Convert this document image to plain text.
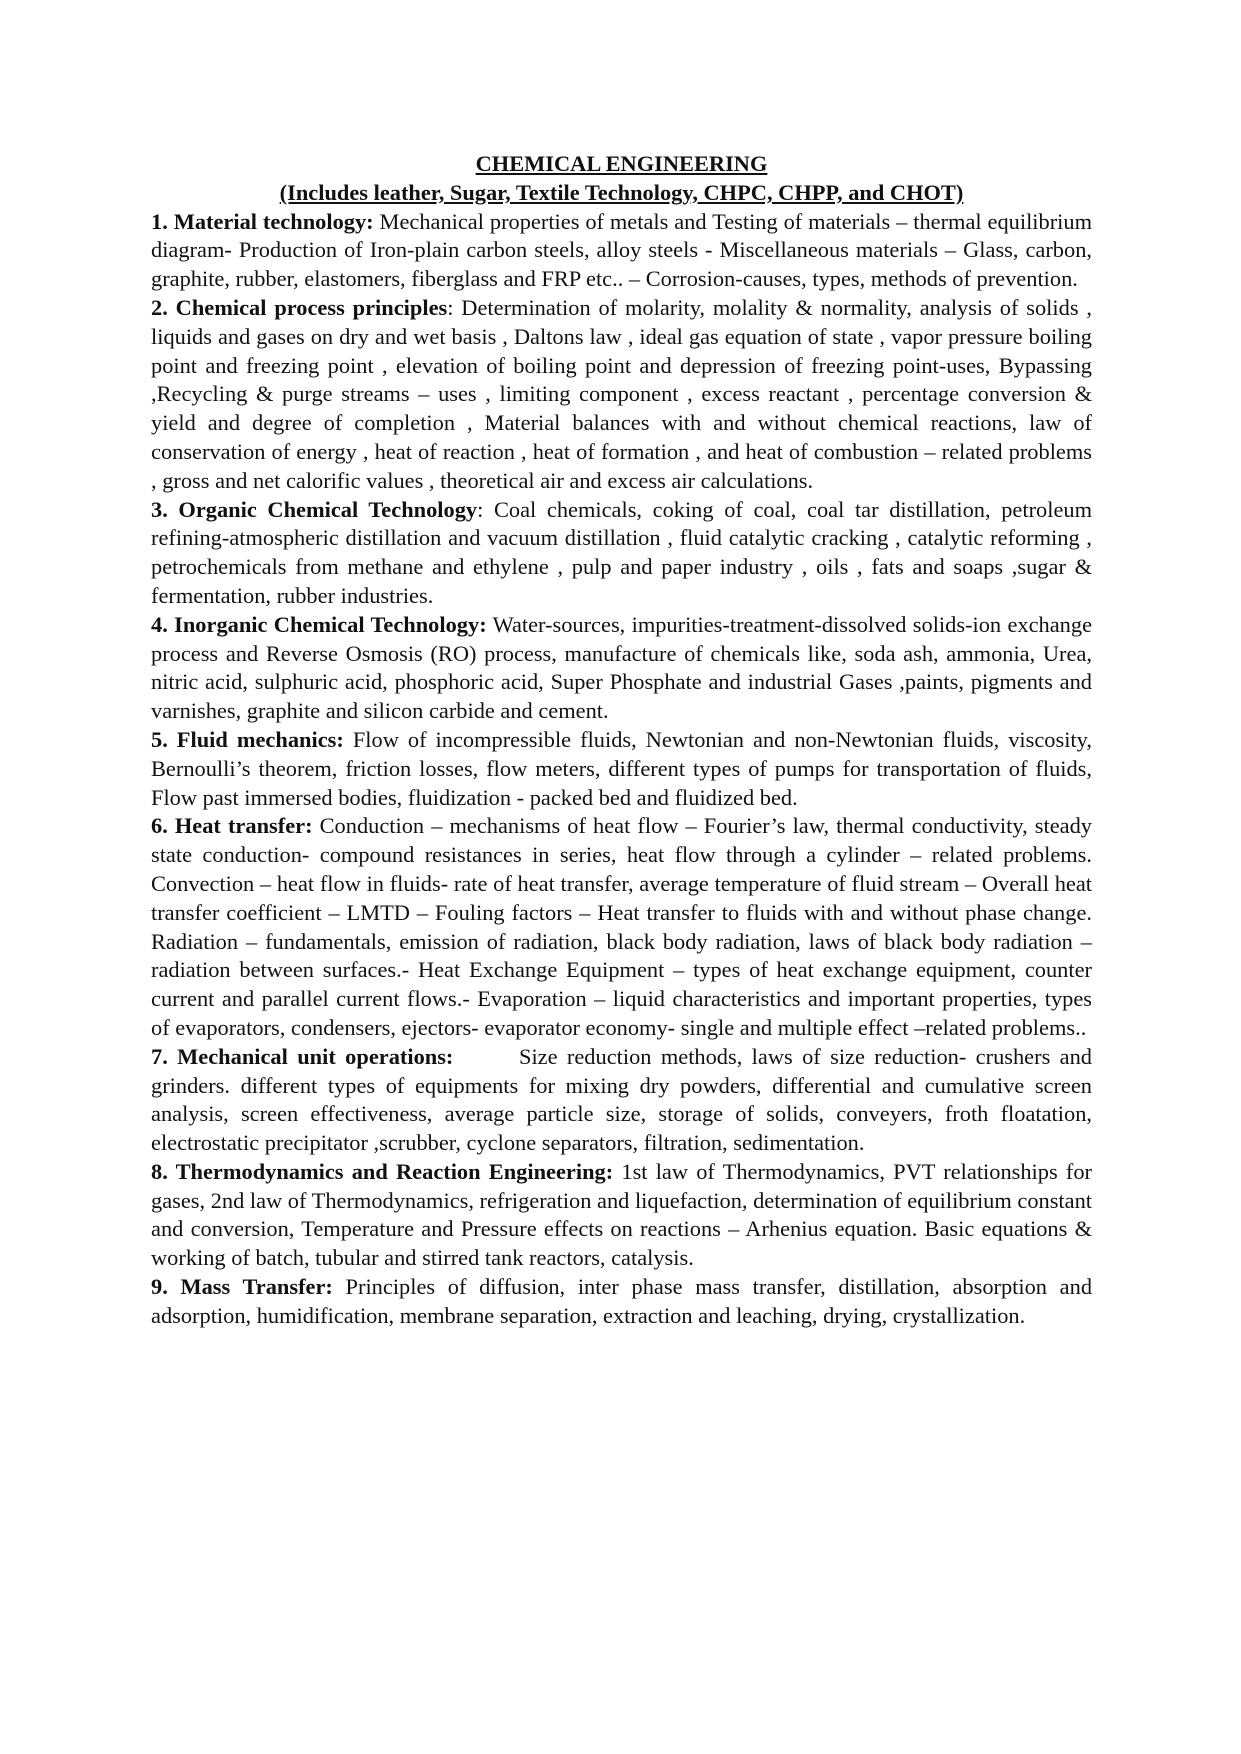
CHEMICAL ENGINEERING

(Includes leather, Sugar, Textile Technology, CHPC, CHPP, and CHOT)

1. Material technology: Mechanical properties of metals and Testing of materials – thermal equilibrium diagram- Production of Iron-plain carbon steels, alloy steels - Miscellaneous materials – Glass, carbon, graphite, rubber, elastomers, fiberglass and FRP etc.. – Corrosion-causes, types, methods of prevention.

2. Chemical process principles: Determination of molarity, molality & normality, analysis of solids , liquids and gases on dry and wet basis , Daltons law , ideal gas equation of state , vapor pressure boiling point and freezing point , elevation of boiling point and depression of freezing point-uses, Bypassing ,Recycling & purge streams – uses , limiting component , excess reactant , percentage conversion & yield and degree of completion , Material balances with and without chemical reactions, law of conservation of energy , heat of reaction , heat of formation , and heat of combustion – related problems , gross and net calorific values , theoretical air and excess air calculations.

3. Organic Chemical Technology: Coal chemicals, coking of coal, coal tar distillation, petroleum refining-atmospheric distillation and vacuum distillation , fluid catalytic cracking , catalytic reforming , petrochemicals from methane and ethylene , pulp and paper industry , oils , fats and soaps ,sugar & fermentation, rubber industries.

4. Inorganic Chemical Technology: Water-sources, impurities-treatment-dissolved solids-ion exchange process and Reverse Osmosis (RO) process, manufacture of chemicals like, soda ash, ammonia, Urea, nitric acid, sulphuric acid, phosphoric acid, Super Phosphate and industrial Gases ,paints, pigments and varnishes, graphite and silicon carbide and cement.

5. Fluid mechanics: Flow of incompressible fluids, Newtonian and non-Newtonian fluids, viscosity, Bernoulli’s theorem, friction losses, flow meters, different types of pumps for transportation of fluids, Flow past immersed bodies, fluidization - packed bed and fluidized bed.

6. Heat transfer: Conduction – mechanisms of heat flow – Fourier’s law, thermal conductivity, steady state conduction- compound resistances in series, heat flow through a cylinder – related problems. Convection – heat flow in fluids- rate of heat transfer, average temperature of fluid stream – Overall heat transfer coefficient – LMTD – Fouling factors – Heat transfer to fluids with and without phase change. Radiation – fundamentals, emission of radiation, black body radiation, laws of black body radiation – radiation between surfaces.- Heat Exchange Equipment – types of heat exchange equipment, counter current and parallel current flows.- Evaporation – liquid characteristics and important properties, types of evaporators, condensers, ejectors- evaporator economy- single and multiple effect –related problems..

7. Mechanical unit operations:       Size reduction methods, laws of size reduction- crushers and grinders. different types of equipments for mixing dry powders, differential and cumulative screen analysis, screen effectiveness, average particle size, storage of solids, conveyers, froth floatation, electrostatic precipitator ,scrubber, cyclone separators, filtration, sedimentation.

8. Thermodynamics and Reaction Engineering: 1st law of Thermodynamics, PVT relationships for gases, 2nd law of Thermodynamics, refrigeration and liquefaction, determination of equilibrium constant and conversion, Temperature and Pressure effects on reactions – Arhenius equation. Basic equations & working of batch, tubular and stirred tank reactors, catalysis.

9. Mass Transfer: Principles of diffusion, inter phase mass transfer, distillation, absorption and adsorption, humidification, membrane separation, extraction and leaching, drying, crystallization.
